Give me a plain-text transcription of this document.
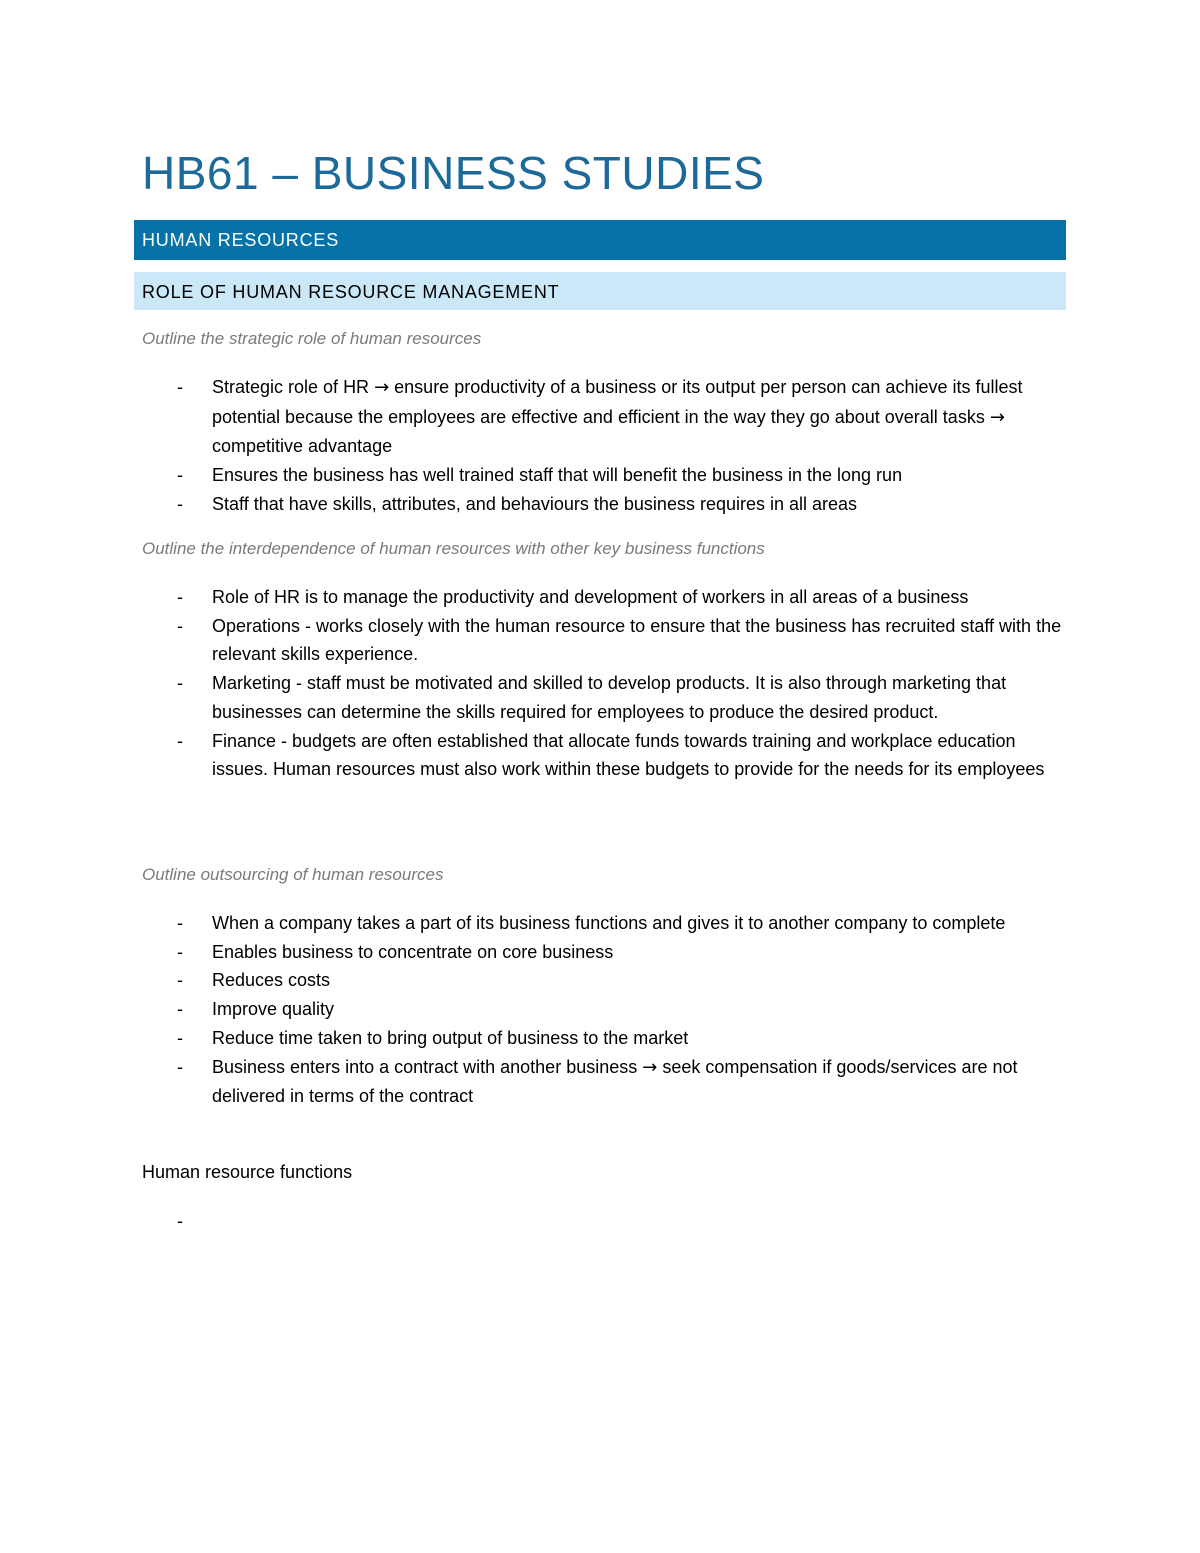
HB61 – BUSINESS STUDIES
HUMAN RESOURCES
ROLE OF HUMAN RESOURCE MANAGEMENT
Outline the strategic role of human resources
- Strategic role of HR → ensure productivity of a business or its output per person can achieve its fullest potential because the employees are effective and efficient in the way they go about overall tasks → competitive advantage
- Ensures the business has well trained staff that will benefit the business in the long run
- Staff that have skills, attributes, and behaviours the business requires in all areas
Outline the interdependence of human resources with other key business functions
- Role of HR is to manage the productivity and development of workers in all areas of a business
- Operations - works closely with the human resource to ensure that the business has recruited staff with the relevant skills experience.
- Marketing - staff must be motivated and skilled to develop products. It is also through marketing that businesses can determine the skills required for employees to produce the desired product.
- Finance - budgets are often established that allocate funds towards training and workplace education issues. Human resources must also work within these budgets to provide for the needs for its employees
Outline outsourcing of human resources
- When a company takes a part of its business functions and gives it to another company to complete
- Enables business to concentrate on core business
- Reduces costs
- Improve quality
- Reduce time taken to bring output of business to the market
- Business enters into a contract with another business → seek compensation if goods/services are not delivered in terms of the contract
Human resource functions
-
